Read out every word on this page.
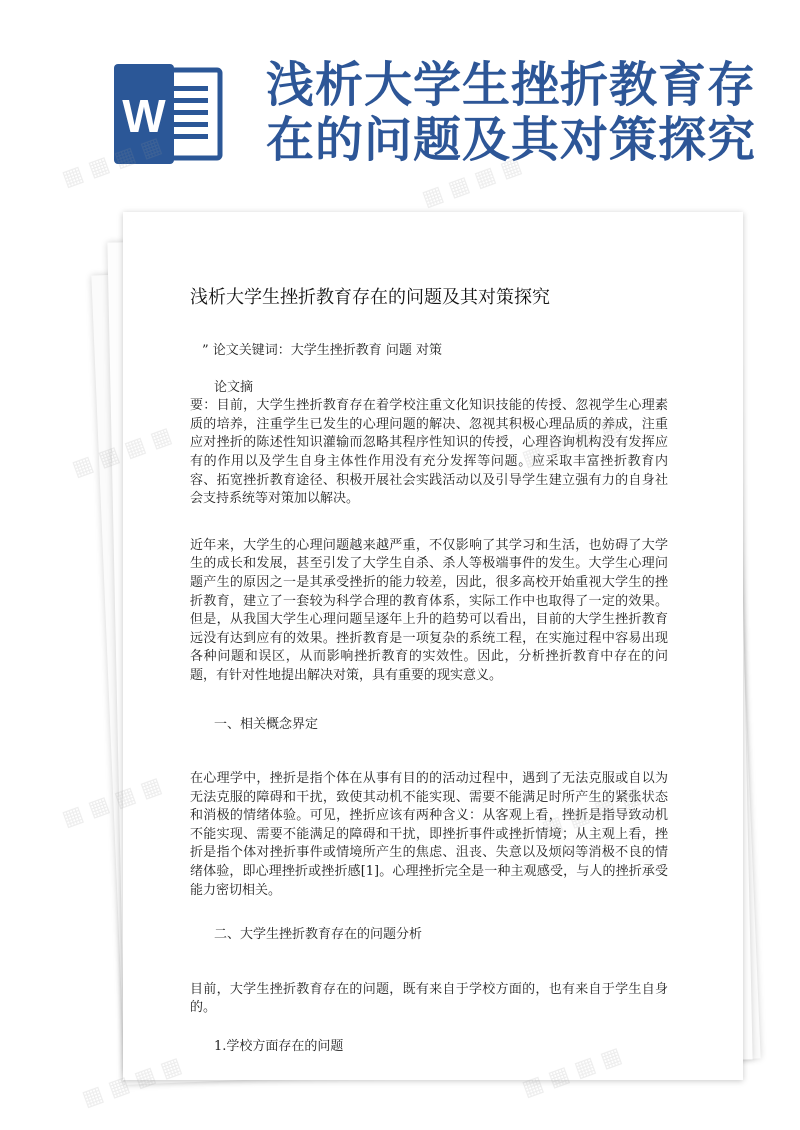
W
浅析大学生挫折教育存
在的问题及其对策探究
浅析大学生挫折教育存在的问题及其对策探究

” 论文关键词：大学生挫折教育 问题 对策

论文摘

要：目前，大学生挫折教育存在着学校注重文化知识技能的传授、忽视学生心理素质的培养，注重学生已发生的心理问题的解决、忽视其积极心理品质的养成，注重应对挫折的陈述性知识灌输而忽略其程序性知识的传授，心理咨询机构没有发挥应有的作用以及学生自身主体性作用没有充分发挥等问题。应采取丰富挫折教育内容、拓宽挫折教育途径、积极开展社会实践活动以及引导学生建立强有力的自身社会支持系统等对策加以解决。

近年来，大学生的心理问题越来越严重，不仅影响了其学习和生活，也妨碍了大学生的成长和发展，甚至引发了大学生自杀、杀人等极端事件的发生。大学生心理问题产生的原因之一是其承受挫折的能力较差，因此，很多高校开始重视大学生的挫折教育，建立了一套较为科学合理的教育体系，实际工作中也取得了一定的效果。但是，从我国大学生心理问题呈逐年上升的趋势可以看出，目前的大学生挫折教育远没有达到应有的效果。挫折教育是一项复杂的系统工程，在实施过程中容易出现各种问题和误区，从而影响挫折教育的实效性。因此，分析挫折教育中存在的问题，有针对性地提出解决对策，具有重要的现实意义。

一、相关概念界定

在心理学中，挫折是指个体在从事有目的的活动过程中，遇到了无法克服或自以为无法克服的障碍和干扰，致使其动机不能实现、需要不能满足时所产生的紧张状态和消极的情绪体验。可见，挫折应该有两种含义：从客观上看，挫折是指导致动机不能实现、需要不能满足的障碍和干扰，即挫折事件或挫折情境；从主观上看，挫折是指个体对挫折事件或情境所产生的焦虑、沮丧、失意以及烦闷等消极不良的情绪体验，即心理挫折或挫折感[1]。心理挫折完全是一种主观感受，与人的挫折承受能力密切相关。

二、大学生挫折教育存在的问题分析

目前，大学生挫折教育存在的问题，既有来自于学校方面的，也有来自于学生自身的。

1.学校方面存在的问题

▦ ▦ ▦ ▦	▦ ▦ ▦ ▦
▦
▦ ▦ ▦ ▦
▦ ▦
